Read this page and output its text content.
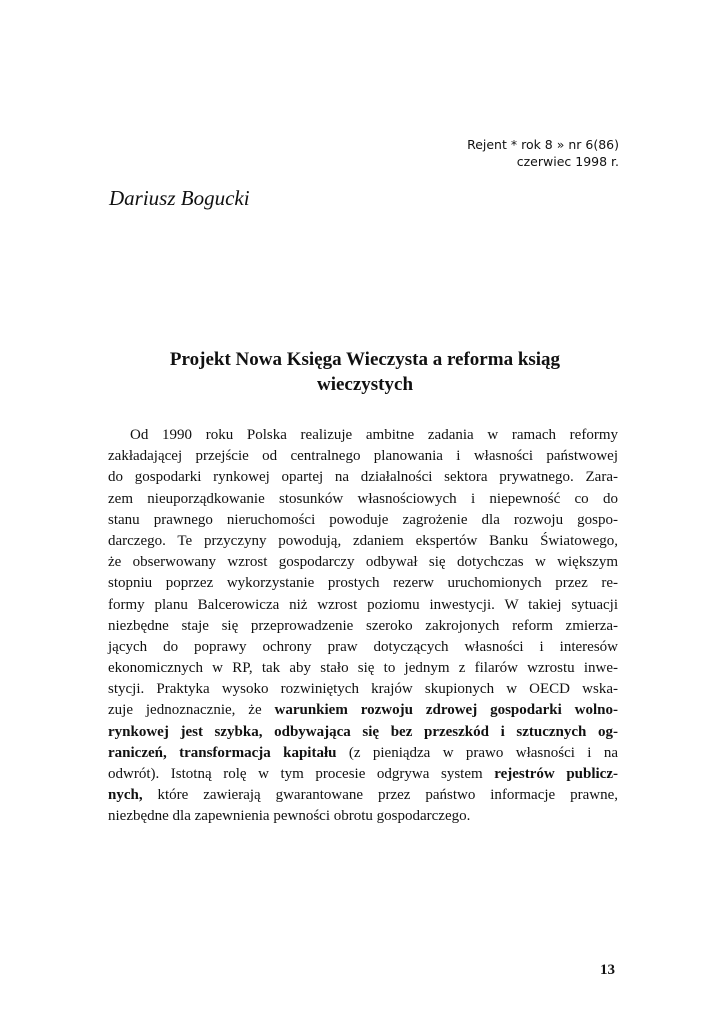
Rejent * rok 8 » nr 6(86)
czerwiec 1998 r.
Dariusz Bogucki
Projekt Nowa Księga Wieczysta a reforma ksiąg
wieczystych
Od 1990 roku Polska realizuje ambitne zadania w ramach reformy
zakładającej przejście od centralnego planowania i własności państwowej
do gospodarki rynkowej opartej na działalności sektora prywatnego. Zara-
zem nieuporządkowanie stosunków własnościowych i niepewność co do
stanu prawnego nieruchomości powoduje zagrożenie dla rozwoju gospo-
darczego. Te przyczyny powodują, zdaniem ekspertów Banku Światowego,
że obserwowany wzrost gospodarczy odbywał się dotychczas w większym
stopniu poprzez wykorzystanie prostych rezerw uruchomionych przez re-
formy planu Balcerowicza niż wzrost poziomu inwestycji. W takiej sytuacji
niezbędne staje się przeprowadzenie szeroko zakrojonych reform zmierza-
jących do poprawy ochrony praw dotyczących własności i interesów
ekonomicznych w RP, tak aby stało się to jednym z filarów wzrostu inwe-
stycji. Praktyka wysoko rozwiniętych krajów skupionych w OECD wska-
zuje jednoznacznie, że warunkiem rozwoju zdrowej gospodarki wolno-
rynkowej jest szybka, odbywająca się bez przeszkód i sztucznych og-
raniczeń, transformacja kapitału (z pieniądza w prawo własności i na
odwrót). Istotną rolę w tym procesie odgrywa system rejestrów publicz-
nych, które zawierają gwarantowane przez państwo informacje prawne,
niezbędne dla zapewnienia pewności obrotu gospodarczego.
13
